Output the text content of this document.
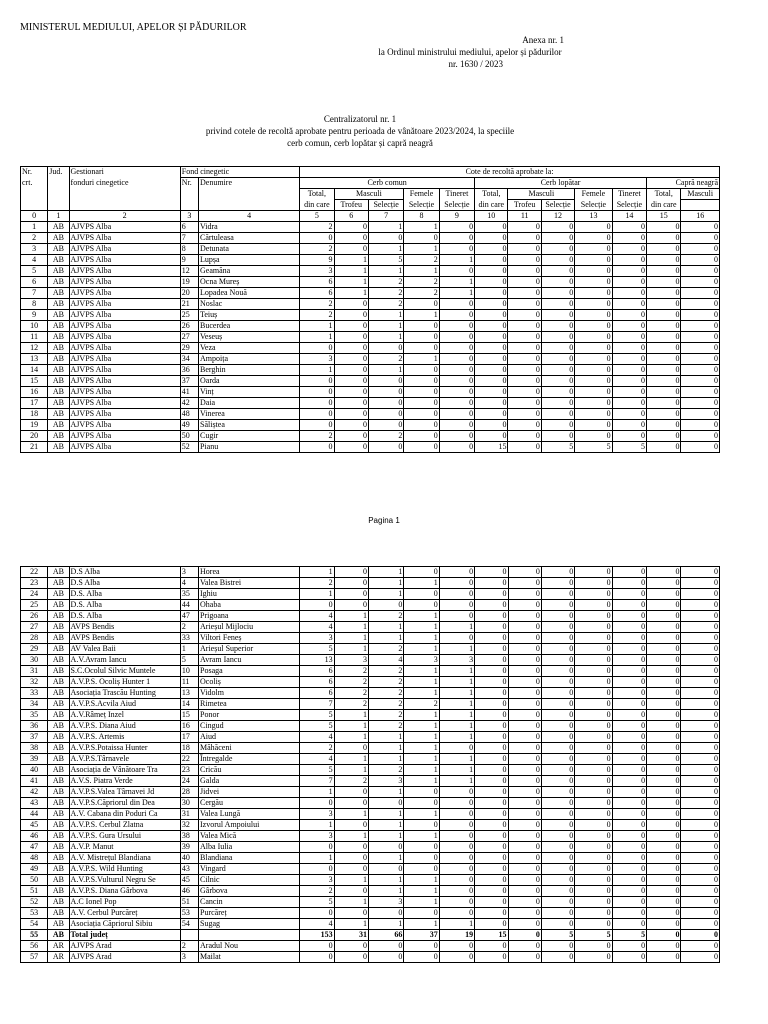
MINISTERUL MEDIULUI, APELOR ȘI PĂDURILOR
Anexa nr. 1
la Ordinul ministrului mediului, apelor și pădurilor
nr. 1630 / 2023
Centralizatorul nr. 1
privind cotele de recoltă aprobate pentru perioada de vânătoare 2023/2024, la speciile
cerb comun, cerb lopătar și capră neagră
Nr.	Jud.	Gestionari	Fond cinegetic		Cote de recoltă aprobate la:											
crt.		fonduri cinegetice	Nr.	Denumire	Cerb comun					Cerb lopătar					Capră neagră	
					Total,	Masculi		Femele	Tineret	Total,	Masculi		Femele	Tineret	Total,	Masculi
					din care	Trofeu	Selecție	Selecție	Selecție	din care	Trofeu	Selecție	Selecție	Selecție	din care	
0	1	2	3	4	5	6	7	8	9	10	11	12	13	14	15	16
1	AB	AJVPS Alba	6	Vidra	2	0	1	1	0	0	0	0	0	0	0	0
2	AB	AJVPS Alba	7	Cărtuleasa	0	0	0	0	0	0	0	0	0	0	0	0
3	AB	AJVPS Alba	8	Detunata	2	0	1	1	0	0	0	0	0	0	0	0
4	AB	AJVPS Alba	9	Lupșa	9	1	5	2	1	0	0	0	0	0	0	0
5	AB	AJVPS Alba	12	Geamăna	3	1	1	1	0	0	0	0	0	0	0	0
6	AB	AJVPS Alba	19	Ocna Mureș	6	1	2	2	1	0	0	0	0	0	0	0
7	AB	AJVPS Alba	20	Lopadea Nouă	6	1	2	2	1	0	0	0	0	0	0	0
8	AB	AJVPS Alba	21	Noslac	2	0	2	0	0	0	0	0	0	0	0	0
9	AB	AJVPS Alba	25	Teiuș	2	0	1	1	0	0	0	0	0	0	0	0
10	AB	AJVPS Alba	26	Bucerdea	1	0	1	0	0	0	0	0	0	0	0	0
11	AB	AJVPS Alba	27	Veseuș	1	0	1	0	0	0	0	0	0	0	0	0
12	AB	AJVPS Alba	29	Veza	0	0	0	0	0	0	0	0	0	0	0	0
13	AB	AJVPS Alba	34	Ampoița	3	0	2	1	0	0	0	0	0	0	0	0
14	AB	AJVPS Alba	36	Berghin	1	0	1	0	0	0	0	0	0	0	0	0
15	AB	AJVPS Alba	37	Oarda	0	0	0	0	0	0	0	0	0	0	0	0
16	AB	AJVPS Alba	41	Vinț	0	0	0	0	0	0	0	0	0	0	0	0
17	AB	AJVPS Alba	42	Daia	0	0	0	0	0	0	0	0	0	0	0	0
18	AB	AJVPS Alba	48	Vinerea	0	0	0	0	0	0	0	0	0	0	0	0
19	AB	AJVPS Alba	49	Săliștea	0	0	0	0	0	0	0	0	0	0	0	0
20	AB	AJVPS Alba	50	Cugir	2	0	2	0	0	0	0	0	0	0	0	0
21	AB	AJVPS Alba	52	Pianu	0	0	0	0	0	15	0	5	5	5	0	0
Pagina 1
22	AB	D.S Alba	3	Horea	1	0	1	0	0	0	0	0	0	0	0	0
23	AB	D.S Alba	4	Valea Bistrei	2	0	1	1	0	0	0	0	0	0	0	0
24	AB	D.S. Alba	35	Ighiu	1	0	1	0	0	0	0	0	0	0	0	0
25	AB	D.S. Alba	44	Ohaba	0	0	0	0	0	0	0	0	0	0	0	0
26	AB	D.S. Alba	47	Prigoana	4	1	2	1	0	0	0	0	0	0	0	0
27	AB	AVPS Bendis	2	Arieșul Mijlociu	4	1	1	1	1	0	0	0	0	0	0	0
28	AB	AVPS Bendis	33	Viltori Feneș	3	1	1	1	0	0	0	0	0	0	0	0
29	AB	AV Valea Baii	1	Arieșul Superior	5	1	2	1	1	0	0	0	0	0	0	0
30	AB	A.V.Avram Iancu	5	Avram Iancu	13	3	4	3	3	0	0	0	0	0	0	0
31	AB	S.C.Ocolul Silvic Muntele	10	Posaga	6	2	2	1	1	0	0	0	0	0	0	0
32	AB	A.V.P.S. Ocoliș Hunter 1	11	Ocoliș	6	2	2	1	1	0	0	0	0	0	0	0
33	AB	Asociația Trascău Hunting	13	Vidolm	6	2	2	1	1	0	0	0	0	0	0	0
34	AB	A.V.P.S.Acvila Aiud	14	Rimetea	7	2	2	2	1	0	0	0	0	0	0	0
35	AB	A.V.Râmeț Inzel	15	Ponor	5	1	2	1	1	0	0	0	0	0	0	0
36	AB	A.V.P.S. Diana Aiud	16	Cingud	5	1	2	1	1	0	0	0	0	0	0	0
37	AB	A.V.P.S. Artemis	17	Aiud	4	1	1	1	1	0	0	0	0	0	0	0
38	AB	A.V.P.S.Potaissa Hunter	18	Măhăceni	2	0	1	1	0	0	0	0	0	0	0	0
39	AB	A.V.P.S.Târnavele	22	Întregalde	4	1	1	1	1	0	0	0	0	0	0	0
40	AB	Asociația de Vânătoare Tra	23	Cricău	5	1	2	1	1	0	0	0	0	0	0	0
41	AB	A.V.S. Piatra Verde	24	Galda	7	2	3	1	1	0	0	0	0	0	0	0
42	AB	A.V.P.S.Valea Târnavei Jd	28	Jidvei	1	0	1	0	0	0	0	0	0	0	0	0
43	AB	A.V.P.S.Căpriorul din Dea	30	Cergău	0	0	0	0	0	0	0	0	0	0	0	0
44	AB	A.V. Cabana din Poduri Ca	31	Valea Lungă	3	1	1	1	0	0	0	0	0	0	0	0
45	AB	A.V.P.S. Cerbul Zlatna	32	Izvorul Ampoiului	1	0	1	0	0	0	0	0	0	0	0	0
46	AB	A.V.P.S. Gura Ursului	38	Valea Mică	3	1	1	1	0	0	0	0	0	0	0	0
47	AB	A.V.P. Manut	39	Alba Iulia	0	0	0	0	0	0	0	0	0	0	0	0
48	AB	A.V. Mistrețul Blandiana	40	Blandiana	1	0	1	0	0	0	0	0	0	0	0	0
49	AB	A.V.P.S. Wild Hunting	43	Vingard	0	0	0	0	0	0	0	0	0	0	0	0
50	AB	A.V.P.S.Vulturul Negru Se	45	Cilnic	3	1	1	1	0	0	0	0	0	0	0	0
51	AB	A.V.P.S. Diana Gârbova	46	Gârbova	2	0	1	1	0	0	0	0	0	0	0	0
52	AB	A.C Ionel Pop	51	Cancin	5	1	3	1	0	0	0	0	0	0	0	0
53	AB	A.V. Cerbul Purcăreț	53	Purcăreț	0	0	0	0	0	0	0	0	0	0	0	0
54	AB	Asociația Căpriorul Sibiu	54	Sugag	4	1	1	1	1	0	0	0	0	0	0	0
55	AB	Total județ			153	31	66	37	19	15	0	5	5	5	0	0
56	AR	AJVPS Arad	2	Aradul Nou	0	0	0	0	0	0	0	0	0	0	0	0
57	AR	AJVPS Arad	3	Mailat	0	0	0	0	0	0	0	0	0	0	0	0
